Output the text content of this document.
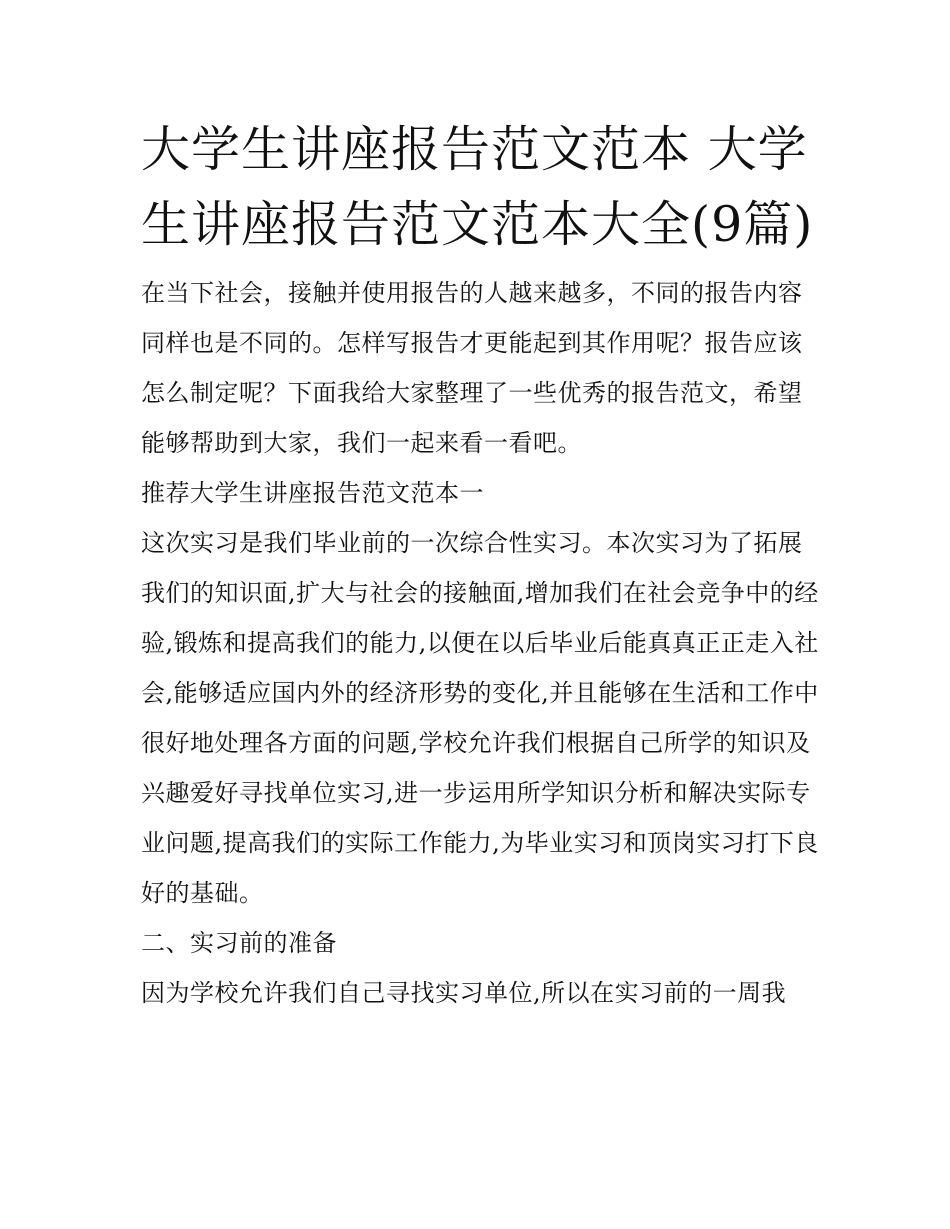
大学生讲座报告范文范本 大学生讲座报告范文范本大全(9篇)

在当下社会，接触并使用报告的人越来越多，不同的报告内容同样也是不同的。怎样写报告才更能起到其作用呢？报告应该怎么制定呢？下面我给大家整理了一些优秀的报告范文，希望能够帮助到大家，我们一起来看一看吧。

推荐大学生讲座报告范文范本一

这次实习是我们毕业前的一次综合性实习。本次实习为了拓展我们的知识面,扩大与社会的接触面,增加我们在社会竞争中的经验,锻炼和提高我们的能力,以便在以后毕业后能真真正正走入社会,能够适应国内外的经济形势的变化,并且能够在生活和工作中很好地处理各方面的问题,学校允许我们根据自己所学的知识及兴趣爱好寻找单位实习,进一步运用所学知识分析和解决实际专业问题,提高我们的实际工作能力,为毕业实习和顶岗实习打下良好的基础。

二、实习前的准备

因为学校允许我们自己寻找实习单位,所以在实习前的一周我
